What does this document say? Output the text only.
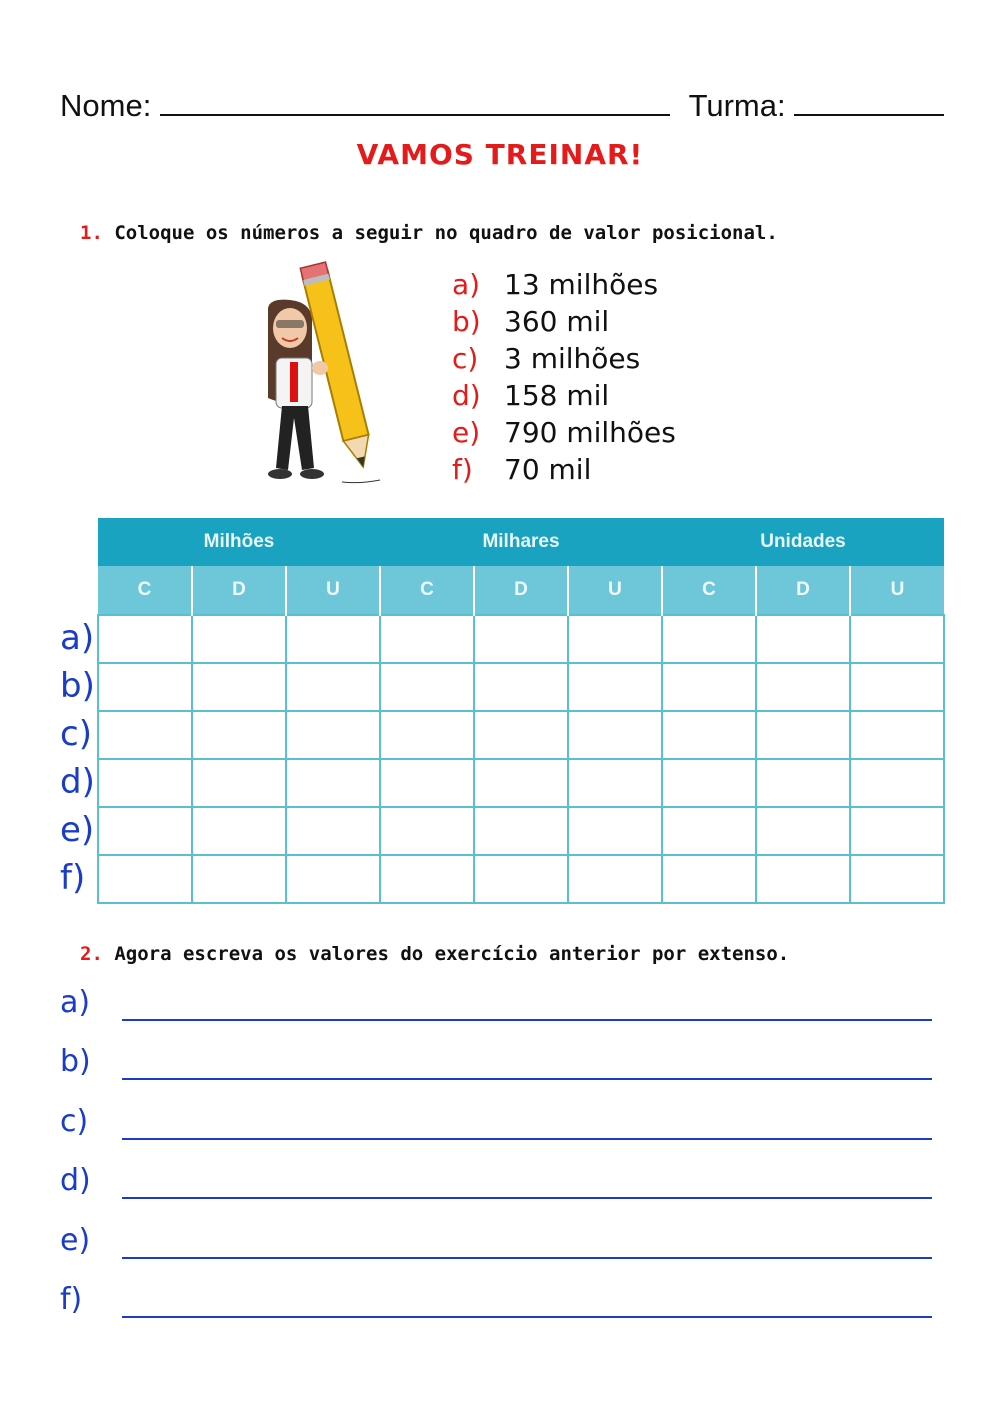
Nome:	Turma:
VAMOS TREINAR!
1. Coloque os números a seguir no quadro de valor posicional.
a) 13 milhões
b) 360 mil
c) 3 milhões
d) 158 mil
e) 790 milhões
f) 70 mil
a)
b)
c)
d)
e)
f)
Milhões			Milhares			Unidades		
C	D	U	C	D	U	C	D	U

2. Agora escreva os valores do exercício anterior por extenso.
a)
b)
c)
d)
e)
f)
